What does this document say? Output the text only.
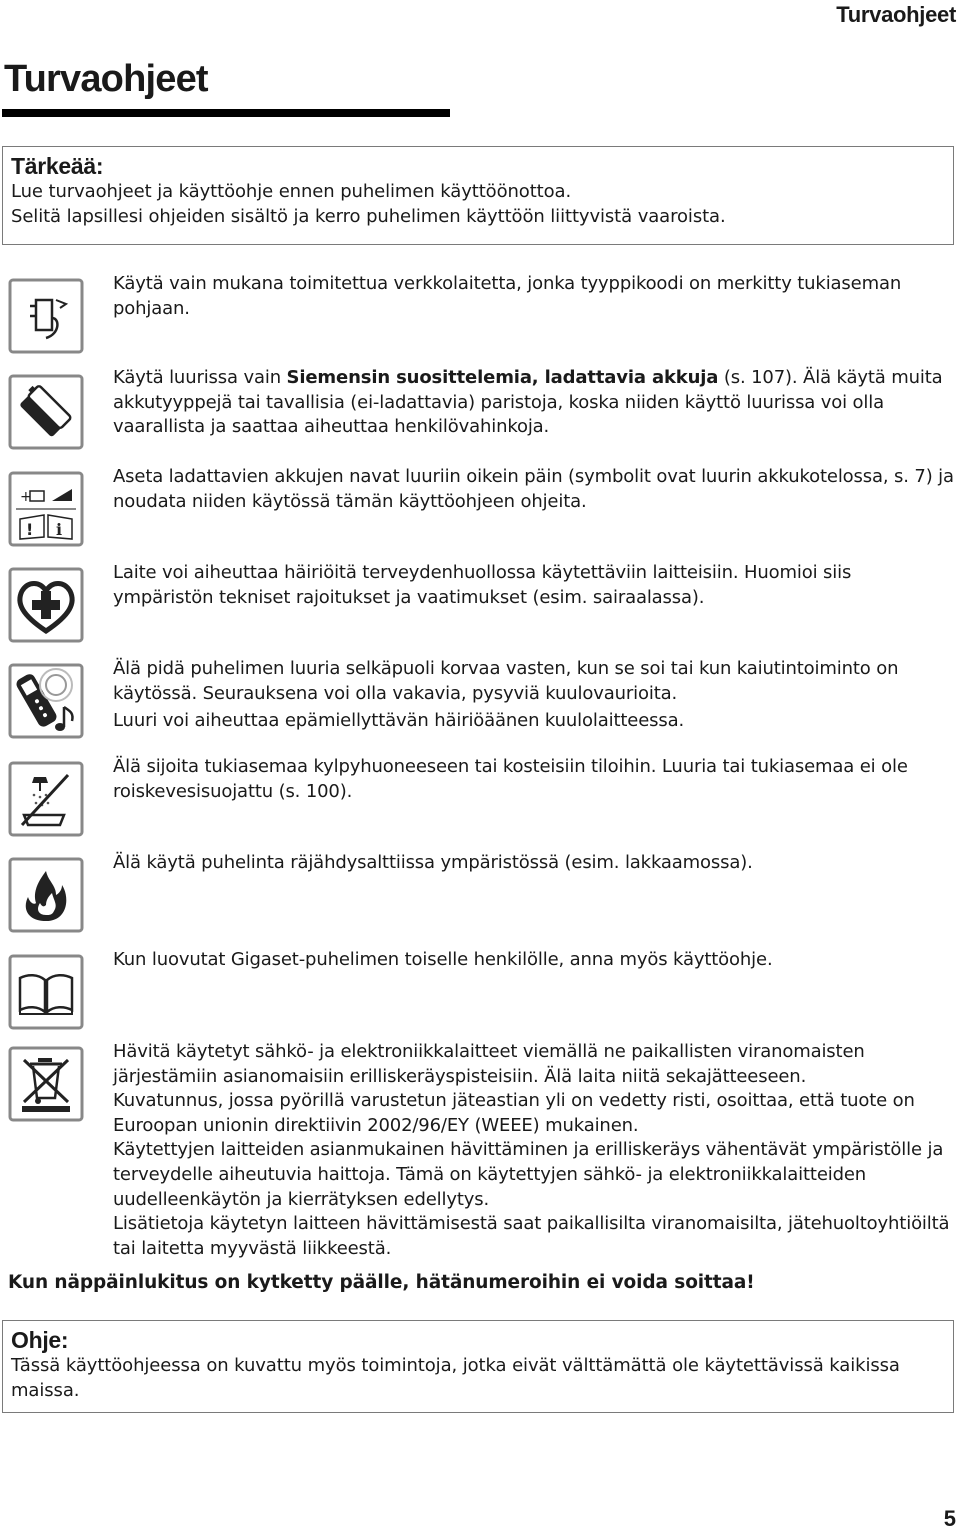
Turvaohjeet
Turvaohjeet
Tärkeää:
Lue turvaohjeet ja käyttöohje ennen puhelimen käyttöönottoa.
Selitä lapsillesi ohjeiden sisältö ja kerro puhelimen käyttöön liittyvistä vaaroista.

Käytä vain mukana toimitettua verkkolaitetta, jonka tyyppikoodi on merkitty tukiaseman pohjaan.

Käytä luurissa vain Siemensin suosittelemia, ladattavia akkuja (s. 107). Älä käytä muita akkutyyppejä tai tavallisia (ei-ladattavia) paristoja, koska niiden käyttö luurissa voi olla vaarallista ja saattaa aiheuttaa henkilövahinkoja.

+
! i

Aseta ladattavien akkujen navat luuriin oikein päin (symbolit ovat luurin akkukotelossa, s. 7) ja noudata niiden käytössä tämän käyttöohjeen ohjeita.

Laite voi aiheuttaa häiriöitä terveydenhuollossa käytettäviin laitteisiin. Huomioi siis ympäristön tekniset rajoitukset ja vaatimukset (esim. sairaalassa).

Älä pidä puhelimen luuria selkäpuoli korvaa vasten, kun se soi tai kun kaiutintoiminto on käytössä. Seurauksena voi olla vakavia, pysyviä kuulovaurioita.

Luuri voi aiheuttaa epämiellyttävän häiriöäänen kuulolaitteessa.

Älä sijoita tukiasemaa kylpyhuoneeseen tai kosteisiin tiloihin. Luuria tai tukiasemaa ei ole roiskevesisuojattu (s. 100).

Älä käytä puhelinta räjähdysalttiissa ympäristössä (esim. lakkaamossa).

Kun luovutat Gigaset-puhelimen toiselle henkilölle, anna myös käyttöohje.

Hävitä käytetyt sähkö- ja elektroniikkalaitteet viemällä ne paikallisten viranomaisten järjestämiin asianomaisiin erilliskeräyspisteisiin. Älä laita niitä sekajätteeseen.

Kuvatunnus, jossa pyörillä varustetun jäteastian yli on vedetty risti, osoittaa, että tuote on Euroopan unionin direktiivin 2002/96/EY (WEEE) mukainen.

Käytettyjen laitteiden asianmukainen hävittäminen ja erilliskeräys vähentävät ympäristölle ja terveydelle aiheutuvia haittoja. Tämä on käytettyjen sähkö- ja elektroniikkalaitteiden uudelleenkäytön ja kierrätyksen edellytys.

Lisätietoja käytetyn laitteen hävittämisestä saat paikallisilta viranomaisilta, jätehuoltoyhtiöiltä tai laitetta myyvästä liikkeestä.

Kun näppäinlukitus on kytketty päälle, hätänumeroihin ei voida soittaa!
Ohje:
Tässä käyttöohjeessa on kuvattu myös toimintoja, jotka eivät välttämättä ole käytettävissä kaikissa maissa.
5
